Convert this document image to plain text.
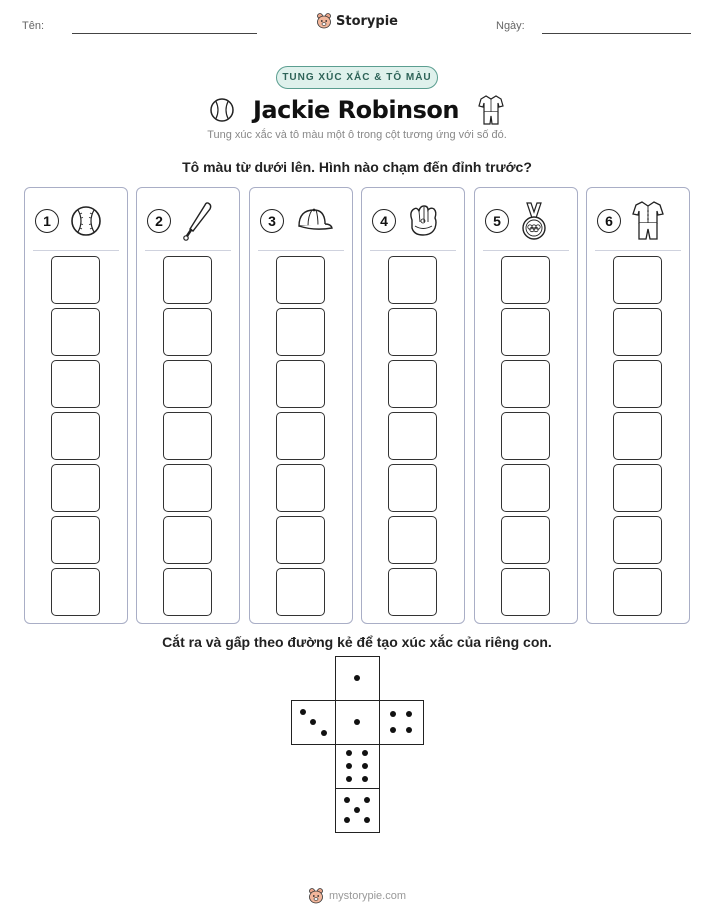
Tên:	Storypie	Ngày:
TUNG XÚC XẮC & TÔ MÀU
Jackie Robinson
Tung xúc xắc và tô màu một ô trong cột tương ứng với số đó.
Tô màu từ dưới lên. Hình nào chạm đến đỉnh trước?
1	2	3	4	5	6
Cắt ra và gấp theo đường kẻ để tạo xúc xắc của riêng con.
mystorypie.com
